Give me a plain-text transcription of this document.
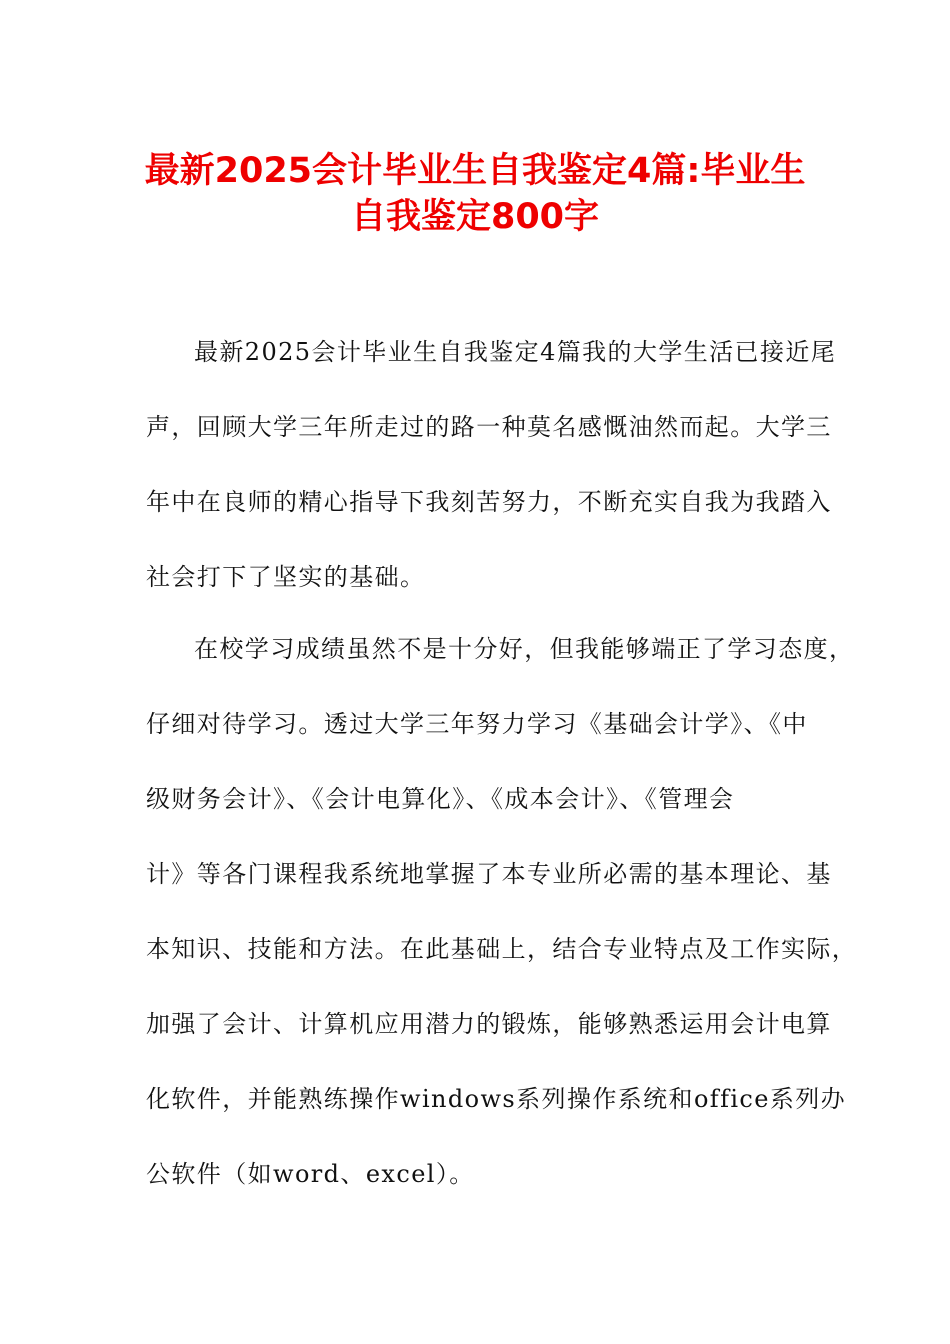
最新2025会计毕业生自我鉴定4篇:毕业生
自我鉴定800字
最新2025会计毕业生自我鉴定4篇我的大学生活已接近尾
声，回顾大学三年所走过的路一种莫名感慨油然而起。大学三
年中在良师的精心指导下我刻苦努力，不断充实自我为我踏入
社会打下了坚实的基础。
在校学习成绩虽然不是十分好，但我能够端正了学习态度，
仔细对待学习。透过大学三年努力学习《基础会计学》、《中
级财务会计》、《会计电算化》、《成本会计》、《管理会
计》等各门课程我系统地掌握了本专业所必需的基本理论、基
本知识、技能和方法。在此基础上，结合专业特点及工作实际，
加强了会计、计算机应用潜力的锻炼，能够熟悉运用会计电算
化软件，并能熟练操作windows系列操作系统和office系列办
公软件（如word、excel）。
